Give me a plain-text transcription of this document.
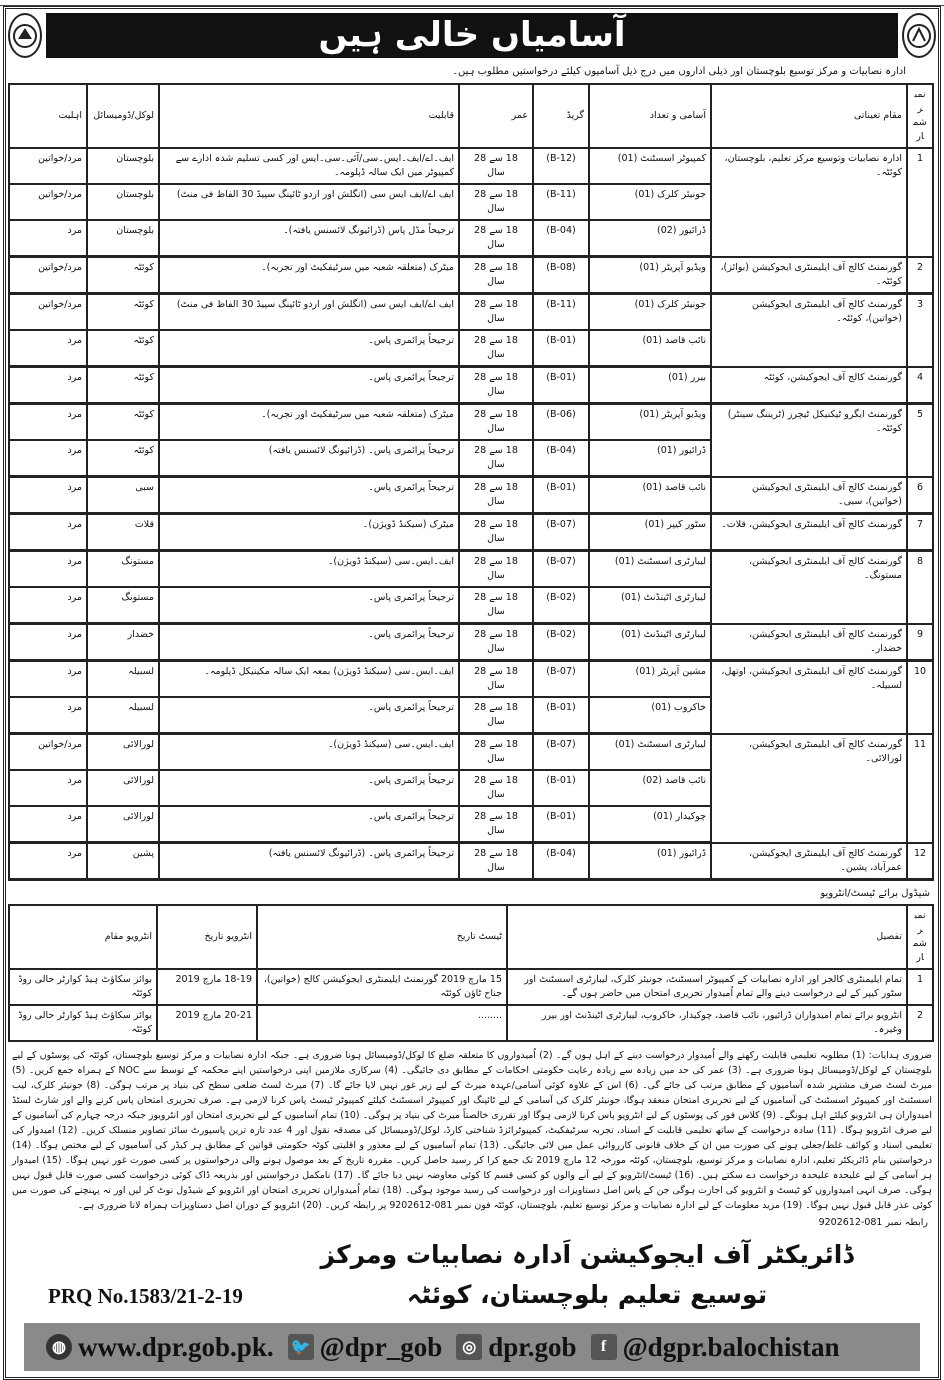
آسامیاں خالی ہیں
ادارہ نصابیات و مرکز توسیع بلوچستان اور ذیلی اداروں میں درج ذیل آسامیوں کیلئے درخواستیں مطلوب ہیں۔
نمبر شمار	مقام تعیناتی	آسامی و تعداد	گریڈ	عمر	قابلیت	لوکل/ڈومیسائل	اہلیت
1	ادارہ نصابیات وتوسیع مرکز تعلیم، بلوچستان، کوئٹہ۔	کمپیوٹر اسسٹنٹ (01)	(B-12)	18 سے 28 سال	ایف۔اے/ایف۔ایس۔سی/آئی۔سی۔ایس اور کسی تسلیم شدہ ادارے سے کمپیوٹر میں ایک سالہ ڈپلومہ۔	بلوچستان	مرد/خواتین
		جونیئر کلرک (01)	(B-11)	18 سے 28 سال	ایف اے/ایف ایس سی (انگلش اور اردو ٹائپنگ سپیڈ 30 الفاظ فی منٹ)	بلوچستان	مرد/خواتین
		ڈرائیور (02)	(B-04)	18 سے 28 سال	ترجیحاً مڈل پاس (ڈرائیونگ لائسنس یافتہ)۔	بلوچستان	مرد
2	گورنمنٹ کالج آف ایلیمنٹری ایجوکیشن (بوائز)، کوئٹہ۔	ویڈیو آپریٹر (01)	(B-08)	18 سے 28 سال	میٹرک (متعلقہ شعبہ میں سرٹیفکیٹ اور تجربہ)۔	کوئٹہ	مرد/خواتین
3	گورنمنٹ کالج آف ایلیمنٹری ایجوکیشن (خواتین)، کوئٹہ۔	جونیئر کلرک (01)	(B-11)	18 سے 28 سال	ایف اے/ایف ایس سی (انگلش اور اردو ٹائپنگ سپیڈ 30 الفاظ فی منٹ)	کوئٹہ	مرد/خواتین
		نائب قاصد (01)	(B-01)	18 سے 28 سال	ترجیحاً پرائمری پاس۔	کوئٹہ	مرد
4	گورنمنٹ کالج آف ایجوکیشن، کوئٹہ	بیرر (01)	(B-01)	18 سے 28 سال	ترجیحاً پرائمری پاس۔	کوئٹہ	مرد
5	گورنمنٹ ایگرو ٹیکنیکل ٹیچرز (ٹریننگ سینٹر) کوئٹہ۔	ویڈیو آپریٹر (01)	(B-06)	18 سے 28 سال	میٹرک (متعلقہ شعبہ میں سرٹیفکیٹ اور تجربہ)۔	کوئٹہ	مرد
		ڈرائیور (01)	(B-04)	18 سے 28 سال	ترجیحاً پرائمری پاس۔ (ڈرائیونگ لائسنس یافتہ)	کوئٹہ	مرد
6	گورنمنٹ کالج آف ایلیمنٹری ایجوکیشن (خواتین)، سبی۔	نائب قاصد (01)	(B-01)	18 سے 28 سال	ترجیحاً پرائمری پاس۔	سبی	مرد
7	گورنمنٹ کالج آف ایلیمنٹری ایجوکیشن، قلات۔	سٹور کیپر (01)	(B-07)	18 سے 28 سال	میٹرک (سیکنڈ ڈویژن)۔	قلات	مرد
8	گورنمنٹ کالج آف ایلیمنٹری ایجوکیشن، مستونگ۔	لیبارٹری اسسٹنٹ (01)	(B-07)	18 سے 28 سال	ایف۔ایس۔سی (سیکنڈ ڈویژن)۔	مستونگ	مرد
		لیبارٹری اٹینڈنٹ (01)	(B-02)	18 سے 28 سال	ترجیحاً پرائمری پاس۔	مستونگ	مرد
9	گورنمنٹ کالج آف ایلیمنٹری ایجوکیشن، خضدار۔	لیبارٹری اٹینڈنٹ (01)	(B-02)	18 سے 28 سال	ترجیحاً پرائمری پاس۔	خضدار	مرد
10	گورنمنٹ کالج آف ایلیمنٹری ایجوکیشن، اوتھل، لسبیلہ۔	مشین آپریٹر (01)	(B-07)	18 سے 28 سال	ایف۔ایس۔سی (سیکنڈ ڈویژن) بمعہ ایک سالہ مکینیکل ڈپلومہ۔	لسبیلہ	مرد
		خاکروب (01)	(B-01)	18 سے 28 سال	ترجیحاً پرائمری پاس۔	لسبیلہ	مرد
11	گورنمنٹ کالج آف ایلیمنٹری ایجوکیشن، لورالائی۔	لیبارٹری اسسٹنٹ (01)	(B-07)	18 سے 28 سال	ایف۔ایس۔سی (سیکنڈ ڈویژن)۔	لورالائی	مرد/خواتین
		نائب قاصد (02)	(B-01)	18 سے 28 سال	ترجیحاً پرائمری پاس۔	لورالائی	مرد
		چوکیدار (01)	(B-01)	18 سے 28 سال	ترجیحاً پرائمری پاس۔	لورالائی	مرد
12	گورنمنٹ کالج آف ایلیمنٹری ایجوکیشن، عمرآباد، پشین۔	ڈرائیور (01)	(B-04)	18 سے 28 سال	ترجیحاً پرائمری پاس۔ (ڈرائیونگ لائسنس یافتہ)	پشین	مرد
شیڈول برائے ٹیسٹ/انٹرویو
نمبر شمار	تفصیل	ٹیسٹ تاریخ	انٹرویو تاریخ	انٹرویو مقام
1	تمام ایلیمنٹری کالجز اور ادارہ نصابیات کے کمپیوٹر اسسٹنٹ، جونیئر کلرک، لیبارٹری اسسٹنٹ اور سٹور کیپر کے لیے درخواست دینے والے تمام اُمیدوار تحریری امتحان میں حاضر ہوں گے۔	15 مارچ 2019 گورنمنٹ ایلیمنٹری ایجوکیشن کالج (خواتین)، جناح ٹاؤن کوئٹہ	18-19 مارچ 2019	بوائز سکاؤٹ ہیڈ کوارٹر حالی روڈ کوئٹہ
2	انٹرویو برائے تمام امیدواران ڈرائیور، نائب قاصد، چوکیدار، خاکروب، لیبارٹری اٹینڈنٹ اور بیرر وغیرہ۔	........	20-21 مارچ 2019	بوائز سکاؤٹ ہیڈ کوارٹر حالی روڈ کوئٹہ
ضروری ہدایات: (1) مطلوبہ تعلیمی قابلیت رکھنے والے اُمیدوار درخواست دینے کے اہل ہوں گے۔ (2) اُمیدواروں کا متعلقہ ضلع کا لوکل/ڈومیسائل ہونا ضروری ہے۔ جبکہ ادارہ نصابیات و مرکز توسیع بلوچستان، کوئٹہ کی پوسٹوں کے لیے بلوچستان کے لوکل/ڈومیسائل ہونا ضروری ہے۔ (3) عمر کی حد میں زیادہ سے زیادہ رعایت حکومتی احکامات کے مطابق دی جائیگی۔ (4) سرکاری ملازمین اپنی درخواستیں اپنے محکمہ کے توسط سے NOC کے ہمراہ جمع کریں۔ (5) میرٹ لسٹ صرف مشتہر شدہ آسامیوں کے مطابق مرتب کی جائے گی۔ (6) اس کے علاوہ کوئی آسامی/عہدہ میرٹ کے لیے زیر غور نہیں لایا جائے گا۔ (7) میرٹ لسٹ ضلعی سطح کی بنیاد پر مرتب ہوگی۔ (8) جونیئر کلرک، لیب اسسٹنٹ اور کمپیوٹر اسسٹنٹ کی آسامیوں کے لیے تحریری امتحان منعقد ہوگا، جونیئر کلرک کی آسامی کے لیے ٹائپنگ اور کمپیوٹر اسسٹنٹ کیلئے کمپیوٹر ٹیسٹ پاس کرنا لازمی ہے۔ صرف تحریری امتحان پاس کرنے والے اور شارٹ لسٹڈ امیدواران ہی انٹرویو کیلئے اہل ہونگے۔ (9) کلاس فور کی پوسٹوں کے لیے انٹرویو پاس کرنا لازمی ہوگا اور تقرری خالصتاً میرٹ کی بنیاد پر ہوگی۔ (10) تمام آسامیوں کے لیے تحریری امتحان اور انٹرویوز جبکہ درجہ چہارم کی آسامیوں کے لیے صرف انٹرویو ہوگا۔ (11) سادہ درخواست کے ساتھ تعلیمی قابلیت کے اسناد، تجربہ سرٹیفکیٹ، کمپیوٹرائزڈ شناختی کارڈ، لوکل/ڈومیسائل کی مصدقہ نقول اور 4 عدد تازہ ترین پاسپورٹ سائز تصاویر منسلک کریں۔ (12) امیدوار کی تعلیمی اسناد و کوائف غلط/جعلی ہونے کی صورت میں ان کے خلاف قانونی کارروائی عمل میں لائی جائیگی۔ (13) تمام آسامیوں کے لیے معذور و اقلیتی کوٹہ حکومتی قوانین کے مطابق ہر کیڈر کی آسامیوں کے لیے مختص ہوگا۔ (14) درخواستیں بنام ڈائریکٹر تعلیم، ادارہ نصابیات و مرکز توسیع، بلوچستان، کوئٹہ مورخہ 12 مارچ 2019 تک جمع کرا کر رسید حاصل کریں۔ مقررہ تاریخ کے بعد موصول ہونے والی درخواستوں پر کسی صورت غور نہیں ہوگا۔ (15) امیدوار ہر آسامی کے لیے علیحدہ علیحدہ درخواست دے سکتے ہیں۔ (16) ٹیسٹ/انٹرویو کے لیے آنے والوں کو کسی قسم کا کوئی معاوضہ نہیں دیا جائے گا۔ (17) نامکمل درخواستیں اور بذریعہ ڈاک کوئی درخواست کسی صورت قابل قبول نہیں ہوگی۔ صرف انہی امیدواروں کو ٹیسٹ و انٹرویو کی اجازت ہوگی جن کے پاس اصل دستاویزات اور درخواست کی رسید موجود ہوگی۔ (18) تمام اُمیدواران تحریری امتحان اور انٹرویو کے شیڈول نوٹ کر لیں اور نہ پہنچنے کی صورت میں کوئی عذر قابل قبول نہیں ہوگا۔ (19) مزید معلومات کے لیے ادارہ نصابیات و مرکز توسیع تعلیم، بلوچستان، کوئٹہ فون نمبر 081-9202612 پر رابطہ کریں۔ (20) انٹرویو کے دوران اصل دستاویزات ہمراہ لانا ضروری ہے۔
رابطہ نمبر 081-9202612
PRQ No.1583/21-2-19
ڈائریکٹر آف ایجوکیشن اَدارہ نصابیات ومرکز
توسیع تعلیم بلوچستان، کوئٹہ
◍ www.dpr.gob.pk. 🐦 @dpr_gob	◎ dpr.gob	f @dgpr.balochistan
